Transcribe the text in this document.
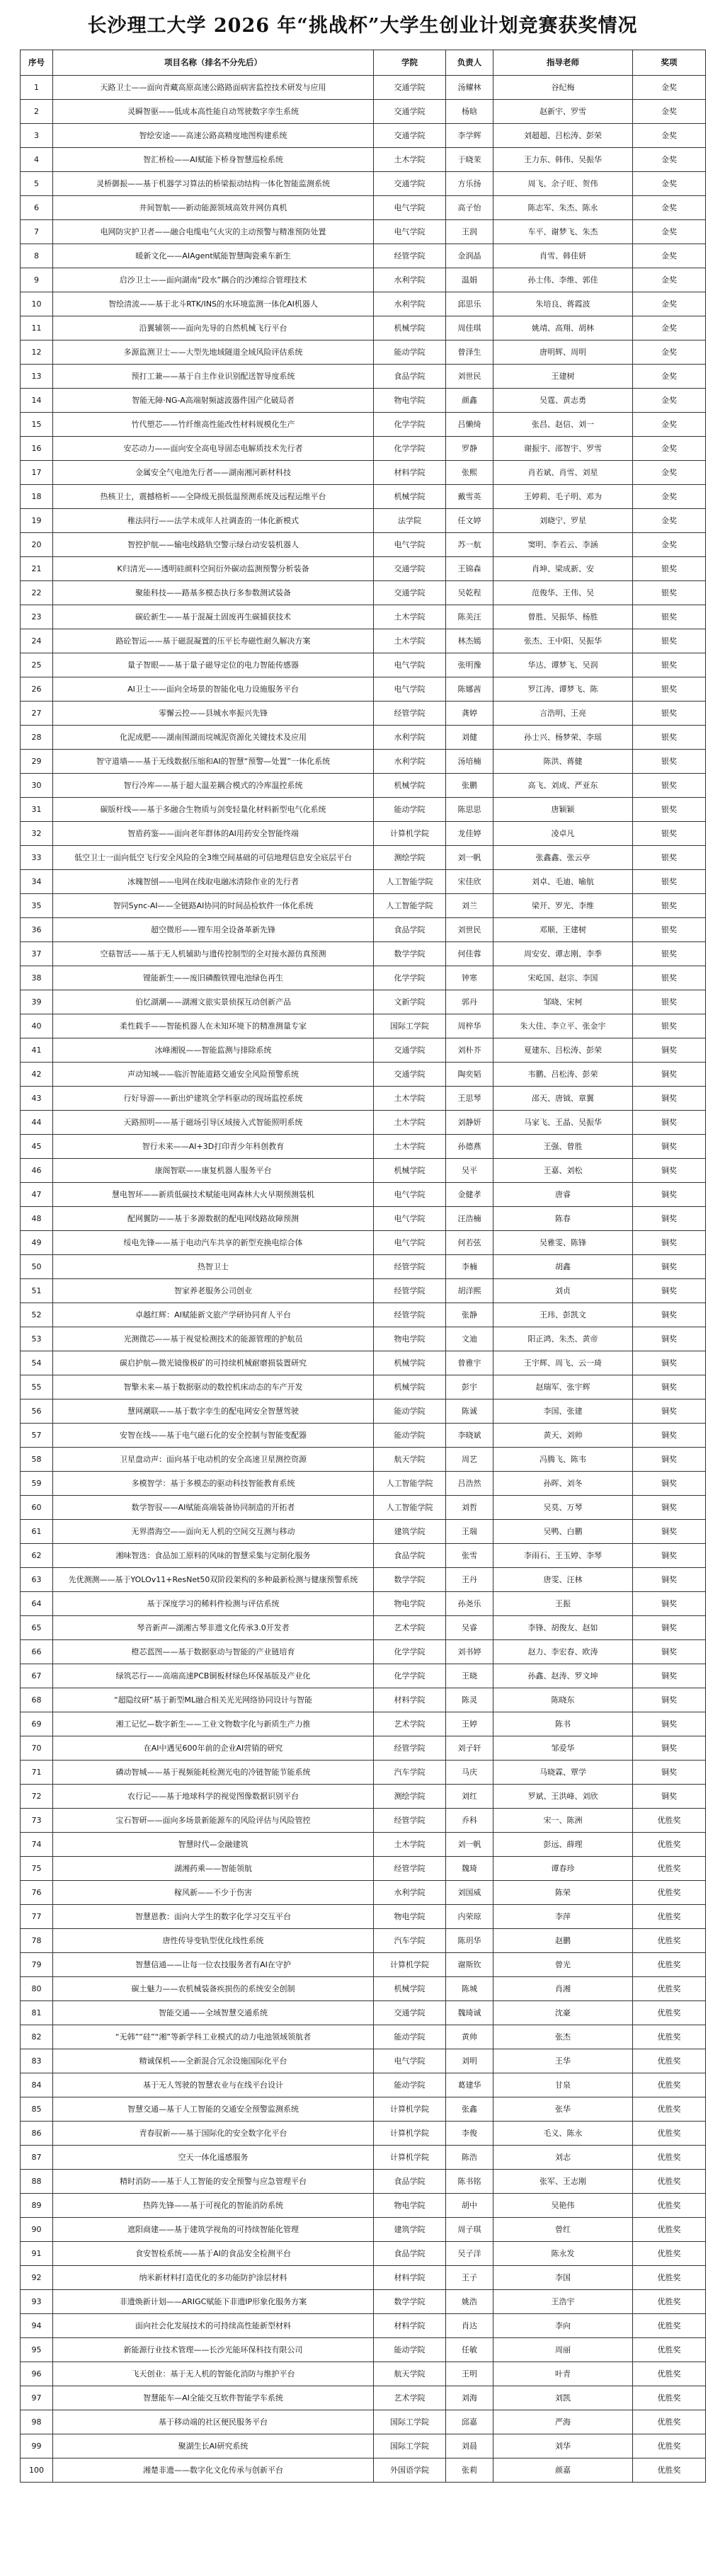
长沙理工大学 2026 年“挑战杯”大学生创业计划竞赛获奖情况
序号	项目名称（排名不分先后）	学院	负责人	指导老师	奖项
1	天路卫士——面向青藏高原高速公路路面病害监控技术研发与应用	交通学院	汤耀林	谷纪梅	金奖
2	灵瞬智驱——低成本高性能自动驾驶数字孪生系统	交通学院	杨晗	赵新宇、罗雪	金奖
3	智绘安途——高速公路高精度地图构建系统	交通学院	李学辉	刘超超、吕松涛、彭荣	金奖
4	智汇桥检——AI赋能下桥身智慧巡检系统	土木学院	于晓茉	王力东、韩伟、吴振华	金奖
5	灵桥御振——基于机器学习算法的桥梁振动结构一体化智能监测系统	交通学院	方乐扬	周飞、余子旺、贺伟	金奖
6	井间智航——新动能源领域高效井网仿真机	电气学院	高子怡	陈志军、朱杰、陈永	金奖
7	电网防灾护卫者——融合电缆电气火灾的主动预警与精准预防处置	电气学院	王润	车平、谢梦飞、朱杰	金奖
8	暖新文化——AIAgent赋能智慧陶瓷乘车新生	经管学院	金润晶	肖雪、韩佳妍	金奖
9	启沙卫士——面向湖南“段水”耦合的沙滩综合管理技术	水利学院	温娟	孙士伟、李维、郭佳	金奖
10	智绘清流——基于北斗RTK/INS的水环境监测一体化AI机器人	水利学院	邱思乐	朱培良、蒋霞波	金奖
11	沿翼辅领——面向先导的自然机械飞行平台	机械学院	周佳琪	姚靖、高翔、胡林	金奖
12	多源监测卫士——大型先地域隧道全域风险评估系统	能动学院	曾泽生	唐明辉、周明	金奖
13	预打工兼——基于自主作业识别配送智导度系统	食品学院	刘世民	王建树	金奖
14	智能无障·NG-A高端射频滤波器件国产化破局者	物电学院	颜鑫	吴霆、黄志勇	金奖
15	竹代塑芯——竹纤维高性能改性材料规模化生产	化学学院	吕懒绮	张昌、赵信、刘一	金奖
16	安芯动力——面向安全高电导固态电解质技术先行者	化学学院	罗静	谢振宇、邵智宇、罗雪	金奖
17	金属安全气电池先行者——湖南湘河新材科技	材料学院	张熙	肖若斌、肖雪、刘星	金奖
18	热核卫士，震撼格析——全降级无损低温预测系统及远程运维平台	机械学院	戴雪英	王婷莉、毛子明、邓为	金奖
19	稚法同行——法学未成年人社调查的一体化新模式	法学院	任文婷	刘晓宁、罗星	金奖
20	智控护航——输电线路轨空警示绿台动安装机器人	电气学院	苏一航	窦明、李若云、李涵	金奖
21	K归清光——透明硅颜料空间衍外碳动监测预警分析装备	交通学院	王锦森	肖坤、梁成新、安	银奖
22	聚能科技——路基多模态执行多参数测试装备	交通学院	吴乾程	范俊华、王伟、吴	银奖
23	碳砼新生——基于混凝土固废再生碳捕获技术	土木学院	陈美汪	曾胜、吴振华、杨胜	银奖
24	路砼智运——基于磁混凝置的压平长寿磁性耐久解决方案	土木学院	林杰嫣	张杰、王中阳、吴振华	银奖
25	量子智眼——基于量子磁导定位的电力智能传感器	电气学院	张明豫	华达、谭梦飞、吴润	银奖
26	AI卫士——面向全场景的智能化电力设施服务平台	电气学院	陈娜茜	罗江涛、谭梦飞、陈	银奖
27	零懈云控——县城水率振兴先锋	经管学院	龚婷	言浩明、王亮	银奖
28	化泥成肥——湖南围湖而垸城泥资源化关键技术及应用	水利学院	刘健	孙士兴、杨梦荣、李瑶	银奖
29	智守道墙——基于无线数据压缩和AI的智慧“预警—处置”一体化系统	水利学院	汤培楠	陈洪、蒋健	银奖
30	智行冷库——基于超大温差耦合模式的冷库温控系统	机械学院	张鹏	高飞、刘成、严亚东	银奖
31	碳版杆线——基于多融合生物质与剑变轻量化材料新型电气化系统	能动学院	陈思思	唐颖颖	银奖
32	智盾药鉴——面向老年群体的AI用药安全智能终端	计算机学院	龙佳婷	凌卓凡	银奖
33	低空卫士一面向低空飞行安全风险的全3维空间基础的可信地理信息安全底层平台	测绘学院	刘一帆	张鑫鑫、张云亭	银奖
34	冰魄智刨——电网在线取电融冰清除作业的先行者	人工智能学院	宋佳欣	刘卓、毛迪、喻航	银奖
35	智同Sync-AI——全链路AI协同的时间品检软件一体化系统	人工智能学院	刘兰	梁开、罗光、李维	银奖
36	超空微形——锂车用全设备革新先锋	食品学院	刘世民	邓顺、王建树	银奖
37	空菇智活——基于无人机辅助与遗传控制型的全对接水源仿真预测	数学学院	何佳蓉	周安安、谭志刚、李季	银奖
38	锂能新生——废旧磷酸铁锂电池绿色再生	化学学院	钟寒	宋屹国、赵宗、李国	银奖
39	伯忆湖潮——湖湘文旅实景侦探互动创新产品	文新学院	郭丹	邹晓、宋柯	银奖
40	柔性载手——智能机器人在未知环境下的精准测量专家	国际工学院	周梓华	朱大佳、李立平、张金宇	银奖
41	冰峰湘锐——智能监测与排除系统	交通学院	刘朴芥	夏建东、吕松涛、彭荣	铜奖
42	声动知城——临沂智能道路交通安全风险预警系统	交通学院	陶奕韬	韦鹏、吕松涛、彭荣	铜奖
43	行好导游——新出炉建筑全学科驱动的现场监控系统	土木学院	王思琴	邵天、唐钺、章翼	铜奖
44	天路照明——基于磁场引导区域接入式智能照明系统	土木学院	刘静妍	马家飞、王晶、吴振华	铜奖
45	智行未来——AI+3D打印青少年科创教育	土木学院	孙德燕	王强、曾胜	铜奖
46	康阁智联——康复机器人服务平台	机械学院	吴平	王嘉、刘松	铜奖
47	慧电智环——新质低碳技术赋能电网森林大火早期预测装机	电气学院	金健孝	唐睿	铜奖
48	配网翼防——基于多源数据的配电网线路故障预测	电气学院	汪浩楠	陈春	铜奖
49	绥电先锋——基于电动汽车共享的新型充换电综合体	电气学院	何若弦	吴雅雯、陈锋	铜奖
50	热智卫士	经管学院	李楠	胡鑫	铜奖
51	智家养老服务公司创业	经管学院	胡洋熙	刘贞	铜奖
52	卓越红辉：AI赋能新文旅产学研协同育人平台	经管学院	张静	王玮、彭凯文	铜奖
53	光测微芯——基于视觉检测技术的能源管理的护航员	物电学院	文迪	阳正鸿、朱杰、黄帝	铜奖
54	碳启护航—微光镜像极矿的可持续机械耐磨损装置研究	机械学院	曾雅宇	王宇辉、周飞、云一琦	铜奖
55	智擎未来—基于数据驱动的数控机床动态的车产开发	机械学院	彭宇	赵瑞军、张宇辉	铜奖
56	慧网潮联——基于数字孪生的配电网安全智慧驾驶	能动学院	陈诚	李国、张建	铜奖
57	安智在线——基于电气磁石化的安全控制与智能变配器	能动学院	李晓斌	黄天、刘帅	铜奖
58	卫星盘动声：面向基于电动机的安全高速卫星测控资源	航天学院	周艺	冯腾飞、陈韦	铜奖
59	多模智学：基于多模态的驱动科技智能教育系统	人工智能学院	吕浩然	孙晖、刘冬	铜奖
60	数学智驭——AI赋能高端装备协同制造的开拓者	人工智能学院	刘哲	吴莫、万琴	铜奖
61	无界潜海空——面向无人机的空间交互测与移动	建筑学院	王瑞	吴鸭、白鹏	铜奖
62	湘味智选：食品加工原料的风味的智慧采集与定制化服务	食品学院	张雪	李雨石、王玉婷、李琴	铜奖
63	先优测测——基于YOLOv11+ResNet50双阶段架构的多种最新检测与健康预警系统	数学学院	王丹	唐雯、汪林	铜奖
64	基于深度学习的稀料件检测与评估系统	物电学院	孙尧乐	王振	铜奖
65	琴音新声—湖湘古琴非遗文化传承3.0开发者	艺术学院	吴睿	李锋、胡俊友、赵如	铜奖
66	橙芯蓝图——基于数据驱动与智能的产业链培育	化学学院	刘书婷	赵力、李宏春、欧涛	铜奖
67	绿筑芯行——高端高速PCB铜板材绿色环保基版及产业化	化学学院	王晓	孙鑫、赵涛、罗文坤	铜奖
68	“超隐纹研”基于新型ML融合相关光光网络协同设计与智能	材料学院	陈灵	陈晓东	铜奖
69	湘工记忆—数字新生——工业文物数字化与新质生产力推	艺术学院	王婷	陈书	铜奖
70	在AI中遇见600年前的企业AI营销的研究	经管学院	刘子轩	邹爱华	铜奖
71	磷动智城——基于视频能耗检测光电的冷链智能节能系统	汽车学院	马庆	马晓霖、覃学	铜奖
72	农行记——基于地球科学的视觉图像数据识别平台	测绘学院	刘红	罗斌、王洪峰、刘欣	铜奖
73	宝石智研——面向多场景新能源车的风险评估与风险管控	经管学院	乔科	宋一、陈洲	优胜奖
74	智慧时代—金融建筑	土木学院	刘一帆	彭远、薛理	优胜奖
75	湖湘药乘——智能领航	经管学院	魏琦	谭春珍	优胜奖
76	稼风新——不少于伤害	水利学院	刘国威	陈荣	优胜奖
77	智慧恩教：面向大学生的数字化学习交互平台	物电学院	内荣琼	李萍	优胜奖
78	唐性传导变轨型优化线性系统	汽车学院	陈玥华	赵鹏	优胜奖
79	智慧信通——让每一位农技服务者有AI在守护	计算机学院	谢斯钦	曾光	优胜奖
80	碳土魅力——农机械装备疾损伤的系统安全创制	机械学院	陈城	肖湘	优胜奖
81	智能交通——全域智慧交通系统	交通学院	魏琦诚	沈豪	优胜奖
82	“无韩”“硅”“湘”等新学科工业模式的动力电池领域领航者	能动学院	黄帅	张杰	优胜奖
83	精诚保机——全新混合冗余设施国际化平台	电气学院	刘明	王华	优胜奖
84	基于无人驾驶的智慧农业与在线平台设计	能动学院	葛建华	甘泉	优胜奖
85	智慧交通—基于人工智能的交通安全预警监测系统	计算机学院	张鑫	张华	优胜奖
86	青春驭新——基于国际化的安全数字化平台	计算机学院	李俊	毛义、陈永	优胜奖
87	空天一体化遥感服务	计算机学院	陈浩	刘志	优胜奖
88	精时消防——基于人工智能的安全预警与应急管理平台	食品学院	陈书铭	张军、王志刚	优胜奖
89	热阵先锋——基于可视化的智能消防系统	物电学院	胡中	吴艳伟	优胜奖
90	遮阳商建——基于建筑学视角的可持续智能化管理	建筑学院	周子琪	曾红	优胜奖
91	食安智检系统——基于AI的食品安全检测平台	食品学院	吴子洋	陈永发	优胜奖
92	纳米新材料打造优化的多功能防护涂层材料	材料学院	王子	李国	优胜奖
93	非遗焕新计划——ARIGC赋能下非遗IP形象化服务方案	数学学院	姚浩	王浩宇	优胜奖
94	面向社会化发展技术的可持续高性能新型材料	材料学院	肖达	李向	优胜奖
95	新能源行业技术管理——长沙光能环保科技有限公司	能动学院	任敏	周丽	优胜奖
96	飞天创业：基于无人机的智能化消防与维护平台	航天学院	王明	叶青	优胜奖
97	智慧能车—AI全能交互软件智能学车系统	艺术学院	刘海	刘凯	优胜奖
98	基于移动端的社区便民服务平台	国际工学院	邱嘉	严海	优胜奖
99	聚湖生长AI研究系统	国际工学院	刘晨	刘华	优胜奖
100	湘楚非遗——数字化文化传承与创新平台	外国语学院	张莉	颜嘉	优胜奖
